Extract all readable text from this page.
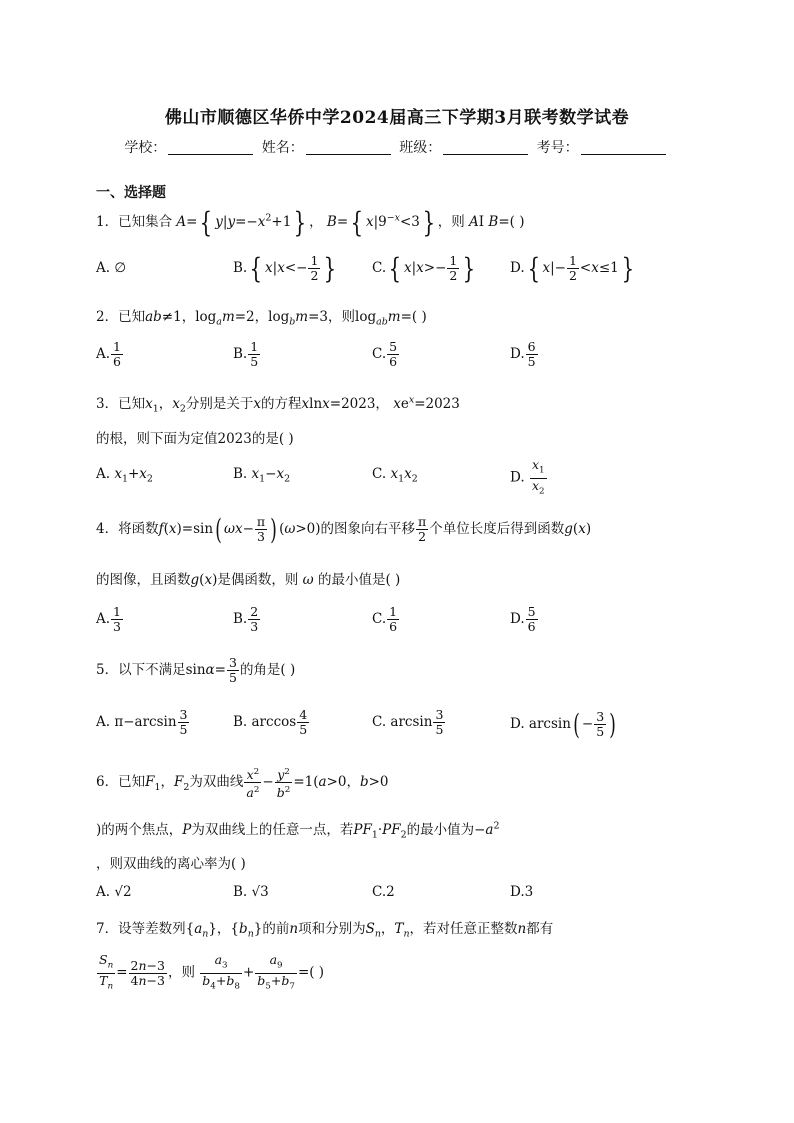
佛山市顺德区华侨中学2024届高三下学期3月联考数学试卷
学校：	姓名：	班级：	考号：
一、选择题
1．已知集合 A={ $y|y=-x^2+1$} ， B={ $x|9^{-x}<3$} ，则 AI B=( )
A. ∅	B.{ $x|x<- \frac{1}{2}$ }	C.{ $x|x>- \frac{1}{2}$ }	D.{ $x|- \frac{1}{2} <x\le 1$}
2．已知ab≠1，$\log_am=2$，$\log_bm=3$，则$\log_{ab}m=$( )
A. $\frac{1}{6}$	B. $\frac{1}{5}$	C. $\frac{5}{6}$	D. $\frac{6}{5}$
3．已知$x_1$，$x_2$分别是关于x的方程xlnx=2023， $xe^x=2023$
的根，则下面为定值2023的是( )
A. $x_1+x_2$	B. $x_1-x_2$	C. $x_1x_2$	D. $\frac{x_1}{x_2}$
4．将函数f(x)=sin( $\omega x- \frac{\pi}{3}$ ) (ω>0)的图象向右平移 $\frac{\pi}{2}$ 个单位长度后得到函数g(x)
的图像，且函数g(x)是偶函数，则 ω 的最小值是( )
A. $\frac{1}{3}$	B. $\frac{2}{3}$	C. $\frac{1}{6}$	D. $\frac{5}{6}$
5．以下不满足$\sin\alpha= \frac{3}{5}$ 的角是( )
A. $\pi-\arcsin \frac{3}{5}$	B. $\arccos \frac{4}{5}$	C. $\arcsin \frac{3}{5}$	D. $\arcsin( - \frac{3}{5}$ )
6．已知$F_1$，$F_2$为双曲线 $\frac{x^2}{a^2} - \frac{y^2}{b^2} =1(a>0$，b>0
)的两个焦点，P为双曲线上的任意一点，若$PF_1\cdot PF_2$的最小值为$-a^2$
，则双曲线的离心率为( )
A. √2	B. √3	C.2	D.3
7．设等差数列$\{a_n\}$，$\{b_n\}$的前n项和分别为$S_n$，$T_n$，若对任意正整数n都有
$\frac{S_n}{T_n} = \frac{2n-3}{4n-3}$ ，则 $\frac{a_3}{b_4+b_8} + \frac{a_9}{b_5+b_7}$ =( )
